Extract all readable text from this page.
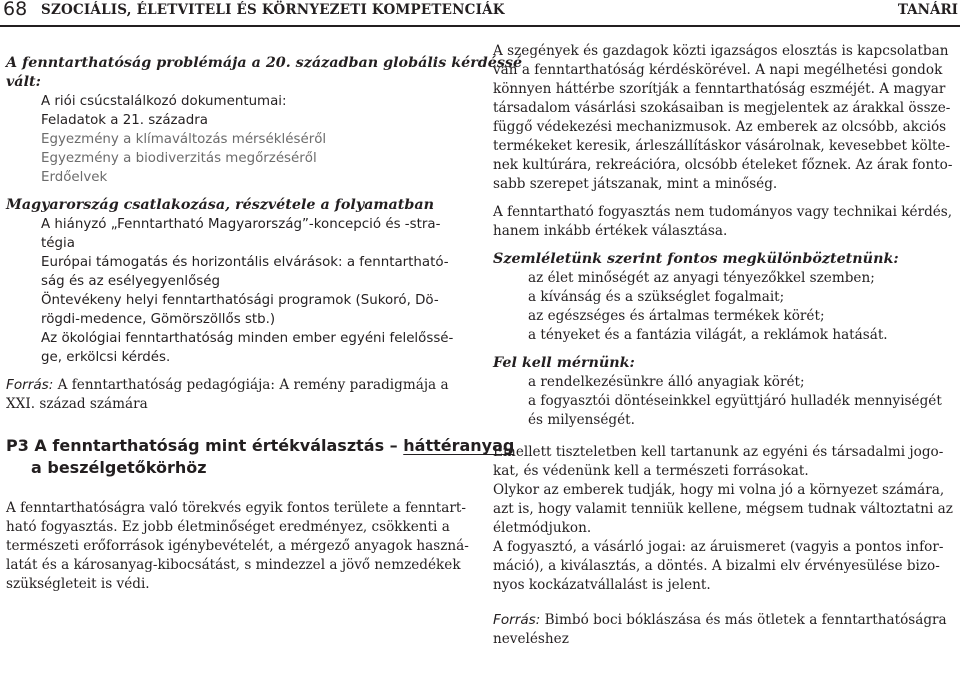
68 SZOCIÁLIS, ÉLETVITELI ÉS KÖRNYEZETI KOMPETENCIÁK	TANÁRI
A fenntarthatóság problémája a 20. században globális kérdéssé
vált:
A riói csúcstalálkozó dokumentumai:
Feladatok a 21. századra
Egyezmény a klímaváltozás mérsékléséről
Egyezmény a biodiverzitás megőrzéséről
Erdőelvek
Magyarország csatlakozása, részvétele a folyamatban
A hiányzó „Fenntartható Magyarország”-koncepció és -stra-
tégia
Európai támogatás és horizontális elvárások: a fenntartható-
ság és az esélyegyenlőség
Öntevékeny helyi fenntarthatósági programok (Sukoró, Dö-
rögdi-medence, Gömörszöllős stb.)
Az ökológiai fenntarthatóság minden ember egyéni felelőssé-
ge, erkölcsi kérdés.
Forrás: A fenntarthatóság pedagógiája: A remény paradigmája a
XXI. század számára
P3 A fenntarthatóság mint értékválasztás – háttéranyag
a beszélgetőkörhöz
A fenntarthatóságra való törekvés egyik fontos területe a fenntart-
ható fogyasztás. Ez jobb életminőséget eredményez, csökkenti a
természeti erőforrások igénybevételét, a mérgező anyagok haszná-
latát és a károsanyag-kibocsátást, s mindezzel a jövő nemzedékek
szükségleteit is védi.
A szegények és gazdagok közti igazságos elosztás is kapcsolatban
van a fenntarthatóság kérdéskörével. A napi megélhetési gondok
könnyen háttérbe szorítják a fenntarthatóság eszméjét. A magyar
társadalom vásárlási szokásaiban is megjelentek az árakkal össze-
függő védekezési mechanizmusok. Az emberek az olcsóbb, akciós
termékeket keresik, árleszállításkor vásárolnak, kevesebbet költe-
nek kultúrára, rekreációra, olcsóbb ételeket főznek. Az árak fonto-
sabb szerepet játszanak, mint a minőség.
A fenntartható fogyasztás nem tudományos vagy technikai kérdés,
hanem inkább értékek választása.
Szemléletünk szerint fontos megkülönböztetnünk:
az élet minőségét az anyagi tényezőkkel szemben;
a kívánság és a szükséglet fogalmait;
az egészséges és ártalmas termékek körét;
a tényeket és a fantázia világát, a reklámok hatását.
Fel kell mérnünk:
a rendelkezésünkre álló anyagiak körét;
a fogyasztói döntéseinkkel együttjáró hulladék mennyiségét
és milyenségét.
Emellett tiszteletben kell tartanunk az egyéni és társadalmi jogo-
kat, és védenünk kell a természeti forrásokat.
Olykor az emberek tudják, hogy mi volna jó a környezet számára,
azt is, hogy valamit tenniük kellene, mégsem tudnak változtatni az
életmódjukon.
A fogyasztó, a vásárló jogai: az áruismeret (vagyis a pontos infor-
máció), a kiválasztás, a döntés. A bizalmi elv érvényesülése bizo-
nyos kockázatvállalást is jelent.
Forrás: Bimbó boci bóklászása és más ötletek a fenntarthatóságra
neveléshez
